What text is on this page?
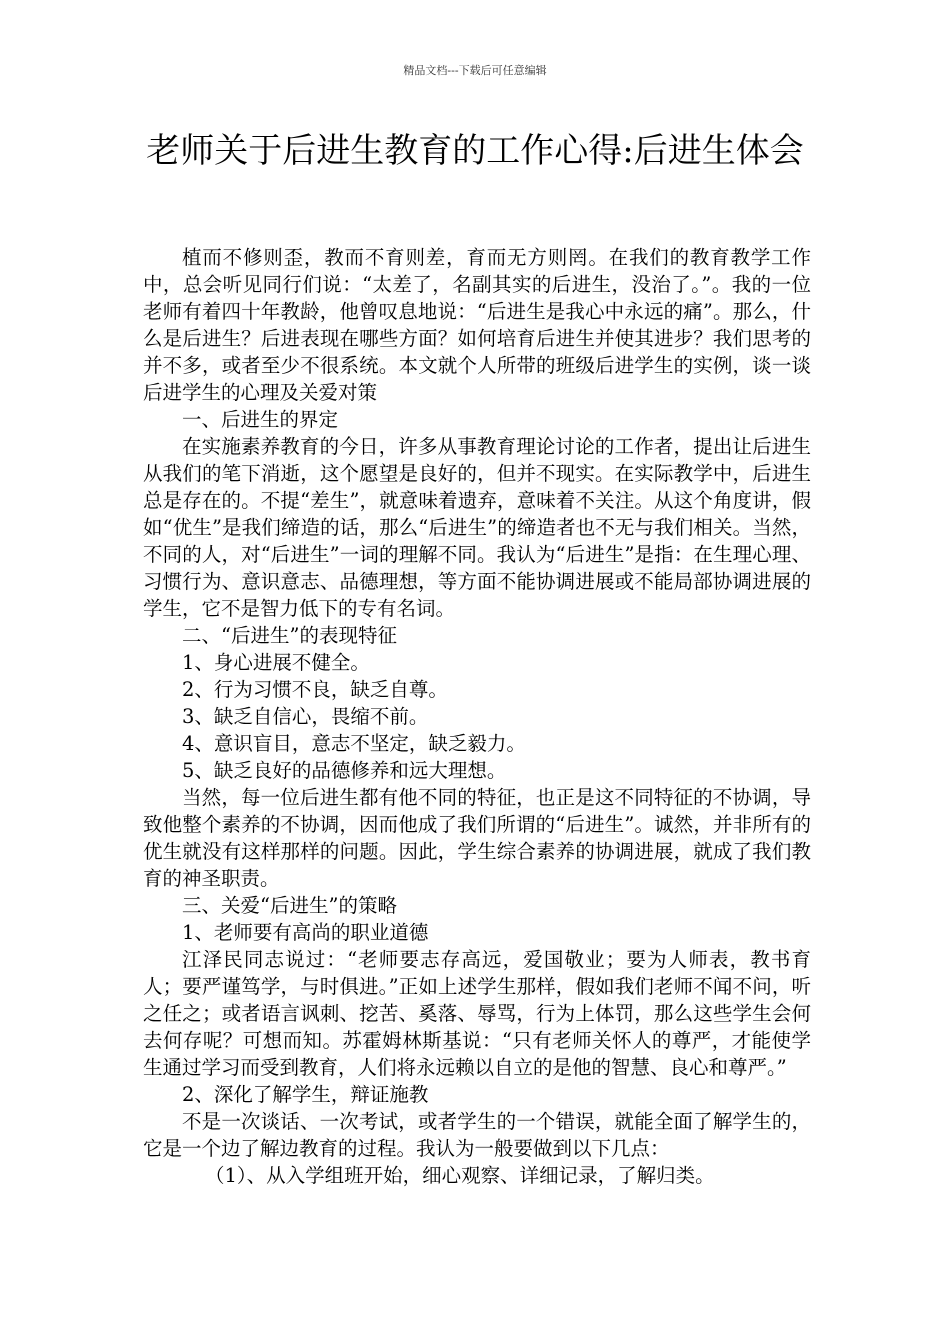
精品文档---下载后可任意编辑
老师关于后进生教育的工作心得:后进生体会

植而不修则歪，教而不育则差，育而无方则罔。在我们的教育教学工作中，总会听见同行们说：“太差了，名副其实的后进生，没治了。”。我的一位老师有着四十年教龄，他曾叹息地说：“后进生是我心中永远的痛”。那么，什么是后进生？后进表现在哪些方面？如何培育后进生并使其进步？我们思考的并不多，或者至少不很系统。本文就个人所带的班级后进学生的实例，谈一谈后进学生的心理及关爱对策

一、后进生的界定

在实施素养教育的今日，许多从事教育理论讨论的工作者，提出让后进生从我们的笔下消逝，这个愿望是良好的，但并不现实。在实际教学中，后进生总是存在的。不提“差生”，就意味着遗弃，意味着不关注。从这个角度讲，假如“优生”是我们缔造的话，那么“后进生”的缔造者也不无与我们相关。当然，不同的人，对“后进生”一词的理解不同。我认为“后进生”是指：在生理心理、习惯行为、意识意志、品德理想，等方面不能协调进展或不能局部协调进展的学生，它不是智力低下的专有名词。

二、“后进生”的表现特征

1、身心进展不健全。

2、行为习惯不良，缺乏自尊。

3、缺乏自信心，畏缩不前。

4、意识盲目，意志不坚定，缺乏毅力。

5、缺乏良好的品德修养和远大理想。

当然，每一位后进生都有他不同的特征，也正是这不同特征的不协调，导致他整个素养的不协调，因而他成了我们所谓的“后进生”。诚然，并非所有的优生就没有这样那样的问题。因此，学生综合素养的协调进展，就成了我们教育的神圣职责。

三、关爱“后进生”的策略

1、老师要有高尚的职业道德

江泽民同志说过：“老师要志存高远，爱国敬业；要为人师表，教书育人；要严谨笃学，与时俱进。”正如上述学生那样，假如我们老师不闻不问，听之任之；或者语言讽刺、挖苦、奚落、辱骂，行为上体罚，那么这些学生会何去何存呢？可想而知。苏霍姆林斯基说：“只有老师关怀人的尊严，才能使学生通过学习而受到教育，人们将永远赖以自立的是他的智慧、良心和尊严。”

2、深化了解学生，辩证施教

不是一次谈话、一次考试，或者学生的一个错误，就能全面了解学生的，它是一个边了解边教育的过程。我认为一般要做到以下几点：

（1）、从入学组班开始，细心观察、详细记录，了解归类。
